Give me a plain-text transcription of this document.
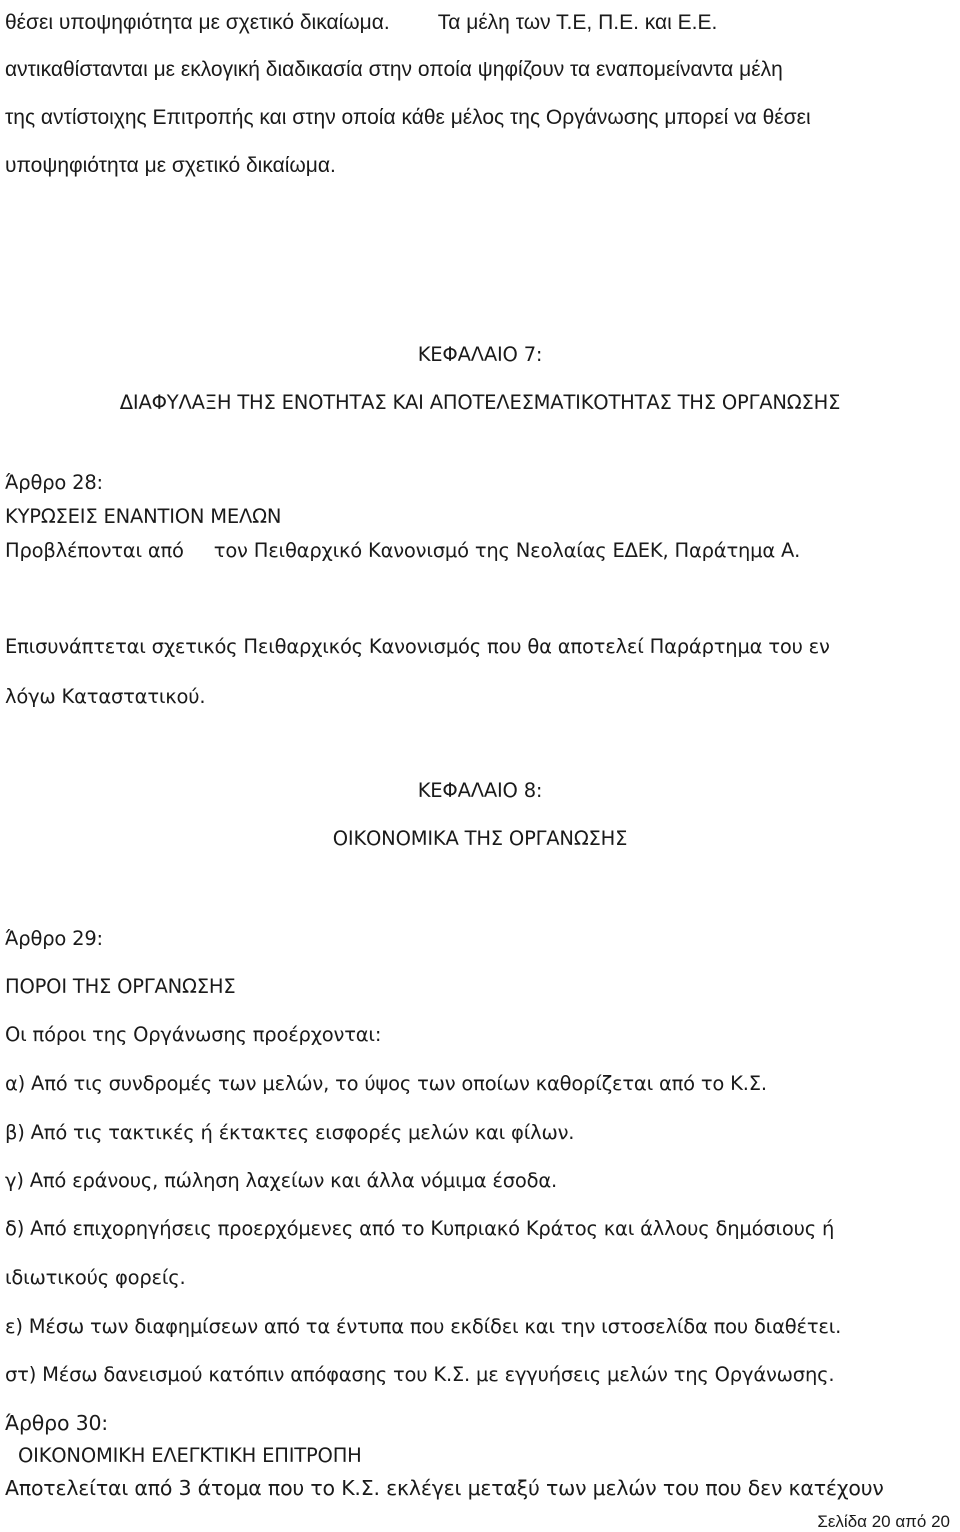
θέσει υποψηφιότητα με σχετικό δικαίωμα. Τα μέλη των Τ.Ε, Π.Ε. και Ε.Ε.

αντικαθίστανται με εκλογική διαδικασία στην οποία ψηφίζουν τα εναπομείναντα μέλη

της αντίστοιχης Επιτροπής και στην οποία κάθε μέλος της Οργάνωσης μπορεί να θέσει

υποψηφιότητα με σχετικό δικαίωμα.

ΚΕΦΑΛΑΙΟ 7:

ΔΙΑΦΥΛΑΞΗ ΤΗΣ ΕΝΟΤΗΤΑΣ ΚΑΙ ΑΠΟΤΕΛΕΣΜΑΤΙΚΟΤΗΤΑΣ ΤΗΣ ΟΡΓΑΝΩΣΗΣ

Άρθρο 28:

ΚΥΡΩΣΕΙΣ ΕΝΑΝΤΙΟΝ ΜΕΛΩΝ

Προβλέπονται από τον Πειθαρχικό Κανονισμό της Νεολαίας ΕΔΕΚ, Παράτημα Α.

Επισυνάπτεται σχετικός Πειθαρχικός Κανονισμός που θα αποτελεί Παράρτημα του εν

λόγω Καταστατικού.

ΚΕΦΑΛΑΙΟ 8:

ΟΙΚΟΝΟΜΙΚΑ ΤΗΣ ΟΡΓΑΝΩΣΗΣ

Άρθρο 29:

ΠΟΡΟΙ ΤΗΣ ΟΡΓΑΝΩΣΗΣ

Οι πόροι της Οργάνωσης προέρχονται:

α) Από τις συνδρομές των μελών, το ύψος των οποίων καθορίζεται από το Κ.Σ.

β) Από τις τακτικές ή έκτακτες εισφορές μελών και φίλων.

γ) Από εράνους, πώληση λαχείων και άλλα νόμιμα έσοδα.

δ) Από επιχορηγήσεις προερχόμενες από το Κυπριακό Κράτος και άλλους δημόσιους ή

ιδιωτικούς φορείς.

ε) Μέσω των διαφημίσεων από τα έντυπα που εκδίδει και την ιστοσελίδα που διαθέτει.

στ) Μέσω δανεισμού κατόπιν απόφασης του Κ.Σ. με εγγυήσεις μελών της Οργάνωσης.

Άρθρο 30:

ΟΙΚΟΝΟΜΙΚΗ ΕΛΕΓΚΤΙΚΗ ΕΠΙΤΡΟΠΗ

Αποτελείται από 3 άτομα που το Κ.Σ. εκλέγει μεταξύ των μελών του που δεν κατέχουν

Σελίδα 20 από 20
